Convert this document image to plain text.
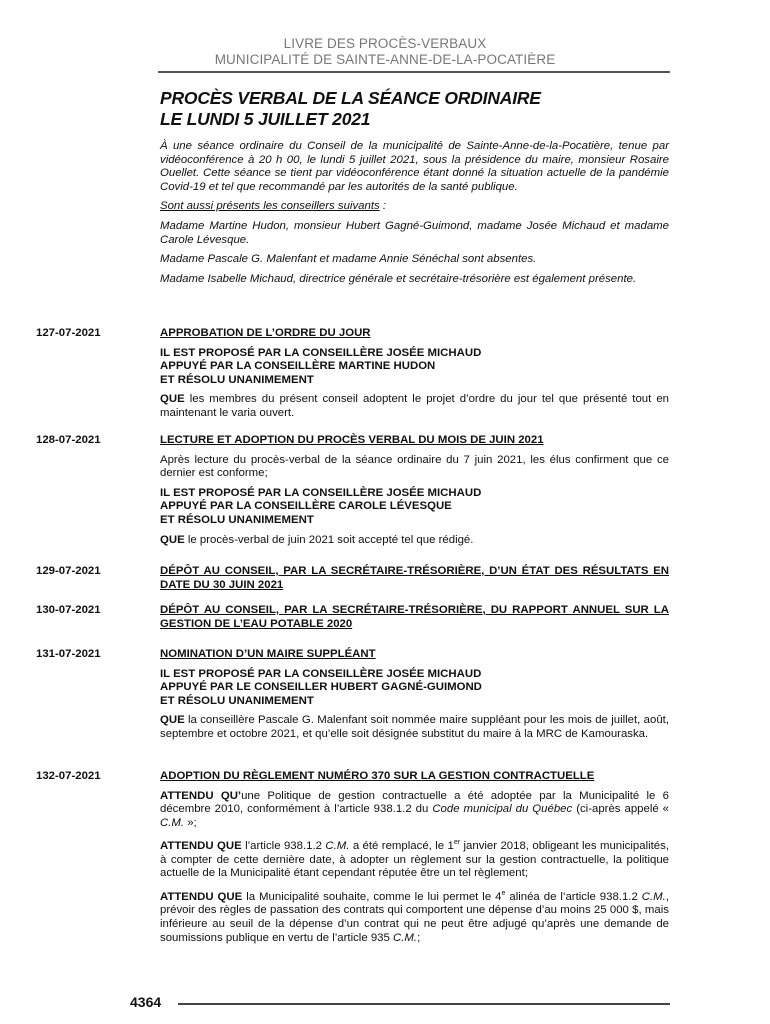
LIVRE DES PROCÈS-VERBAUX
MUNICIPALITÉ DE SAINTE-ANNE-DE-LA-POCATIÈRE
PROCÈS VERBAL DE LA SÉANCE ORDINAIRE
LE LUNDI 5 JUILLET 2021

À une séance ordinaire du Conseil de la municipalité de Sainte-Anne-de-la-Pocatière, tenue par vidéoconférence à 20 h 00, le lundi 5 juillet 2021, sous la présidence du maire, monsieur Rosaire Ouellet. Cette séance se tient par vidéoconférence étant donné la situation actuelle de la pandémie Covid-19 et tel que recommandé par les autorités de la santé publique.

Sont aussi présents les conseillers suivants :

Madame Martine Hudon, monsieur Hubert Gagné-Guimond, madame Josée Michaud et madame Carole Lévesque.

Madame Pascale G. Malenfant et madame Annie Sénéchal sont absentes.

Madame Isabelle Michaud, directrice générale et secrétaire-trésorière est également présente.

127-07-2021	APPROBATION DE L’ORDRE DU JOUR

IL EST PROPOSÉ PAR LA CONSEILLÈRE JOSÉE MICHAUD

APPUYÉ PAR LA CONSEILLÈRE MARTINE HUDON

ET RÉSOLU UNANIMEMENT

QUE les membres du présent conseil adoptent le projet d’ordre du jour tel que présenté tout en maintenant le varia ouvert.

128-07-2021	LECTURE ET ADOPTION DU PROCÈS VERBAL DU MOIS DE JUIN 2021

Après lecture du procès-verbal de la séance ordinaire du 7 juin 2021, les élus confirment que ce dernier est conforme;

IL EST PROPOSÉ PAR LA CONSEILLÈRE JOSÉE MICHAUD

APPUYÉ PAR LA CONSEILLÈRE CAROLE LÉVESQUE

ET RÉSOLU UNANIMEMENT

QUE le procès-verbal de juin 2021 soit accepté tel que rédigé.

129-07-2021	DÉPÔT AU CONSEIL, PAR LA SECRÉTAIRE-TRÉSORIÈRE, D’UN ÉTAT DES RÉSULTATS EN DATE DU 30 JUIN 2021

130-07-2021	DÉPÔT AU CONSEIL, PAR LA SECRÉTAIRE-TRÉSORIÈRE, DU RAPPORT ANNUEL SUR LA GESTION DE L’EAU POTABLE 2020

131-07-2021	NOMINATION D’UN MAIRE SUPPLÉANT

IL EST PROPOSÉ PAR LA CONSEILLÈRE JOSÉE MICHAUD

APPUYÉ PAR LE CONSEILLER HUBERT GAGNÉ-GUIMOND

ET RÉSOLU UNANIMEMENT

QUE la conseillère Pascale G. Malenfant soit nommée maire suppléant pour les mois de juillet, août, septembre et octobre 2021, et qu’elle soit désignée substitut du maire à la MRC de Kamouraska.

132-07-2021	ADOPTION DU RÈGLEMENT NUMÉRO 370 SUR LA GESTION CONTRACTUELLE

ATTENDU QU’une Politique de gestion contractuelle a été adoptée par la Municipalité le 6 décembre 2010, conformément à l’article 938.1.2 du Code municipal du Québec (ci-après appelé « C.M. »;

ATTENDU QUE l’article 938.1.2 C.M. a été remplacé, le 1er janvier 2018, obligeant les municipalités, à compter de cette dernière date, à adopter un règlement sur la gestion contractuelle, la politique actuelle de la Municipalité étant cependant réputée être un tel règlement;

ATTENDU QUE la Municipalité souhaite, comme le lui permet le 4e alinéa de l’article 938.1.2 C.M., prévoir des règles de passation des contrats qui comportent une dépense d’au moins 25 000 $, mais inférieure au seuil de la dépense d’un contrat qui ne peut être adjugé qu’après une demande de soumissions publique en vertu de l’article 935 C.M.;

4364
